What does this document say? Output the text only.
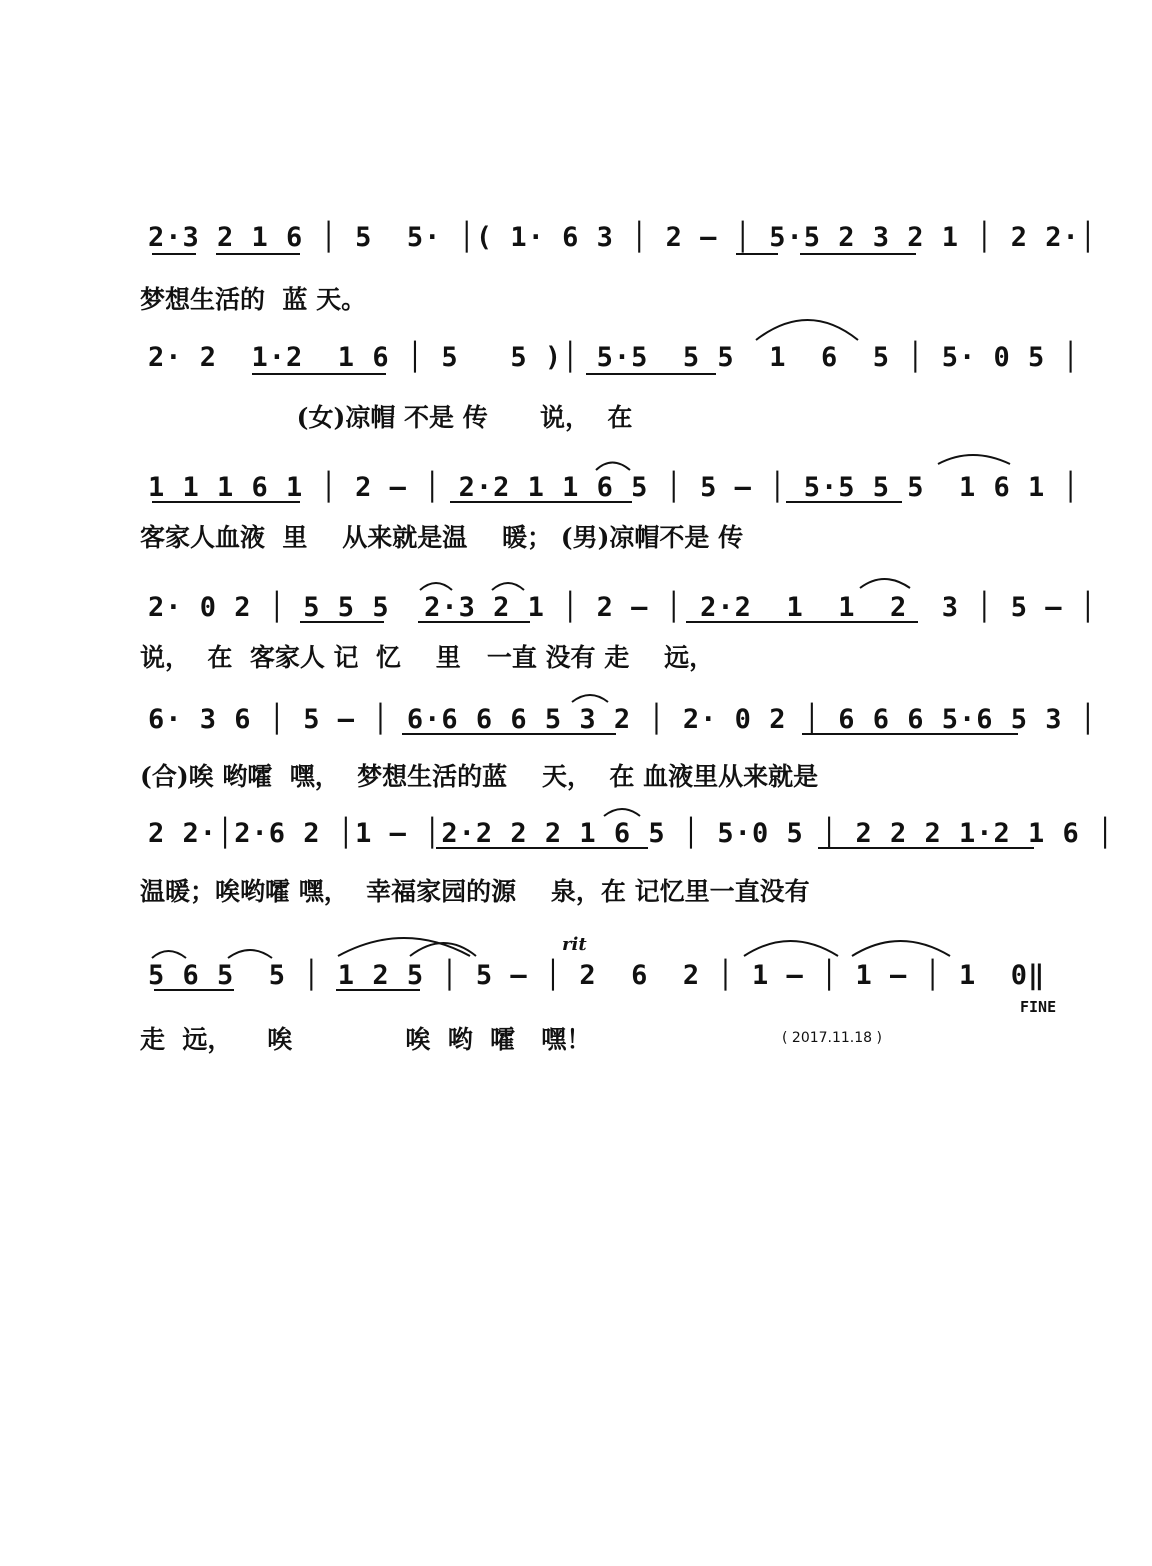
2·3 2 1 6 │ 5  5· │( 1· 6 3 │ 2 – │ 5·5 2 3 2 1 │ 2 2·│
梦想生活的  蓝 天。
2· 2  1·2  1 6 │ 5   5 )│ 5·5  5 5  1  6  5 │ 5· 0 5 │
(女)凉帽 不是 传      说，  在
1 1 1 6 1 │ 2 – │ 2·2 1 1 6 5 │ 5 – │ 5·5 5 5  1 6 1 │
客家人血液  里    从来就是温    暖； (男)凉帽不是 传
2· 0 2 │ 5 5 5  2·3 2 1 │ 2 – │ 2·2  1  1  2  3 │ 5 – │
说，  在  客家人 记  忆    里   一直 没有 走    远，
6· 3 6 │ 5 – │ 6·6 6 6 5 3 2 │ 2· 0 2 │ 6 6 6 5·6 5 3 │
(合)唉 哟嚯  嘿，  梦想生活的蓝    天，  在 血液里从来就是
2 2·│2·6 2 │1 – │2·2 2 2 1 6 5 │ 5·0 5 │ 2 2 2 1·2 1 6 │
温暖；唉哟嚯 嘿，  幸福家园的源    泉，在 记忆里一直没有
rit
5 6 5  5 │ 1 2 5 │ 5 – │ 2  6  2 │ 1 – │ 1 – │ 1  0‖
FINE
走  远，    唉             唉  哟  嚯   嘿！	( 2017.11.18 )
